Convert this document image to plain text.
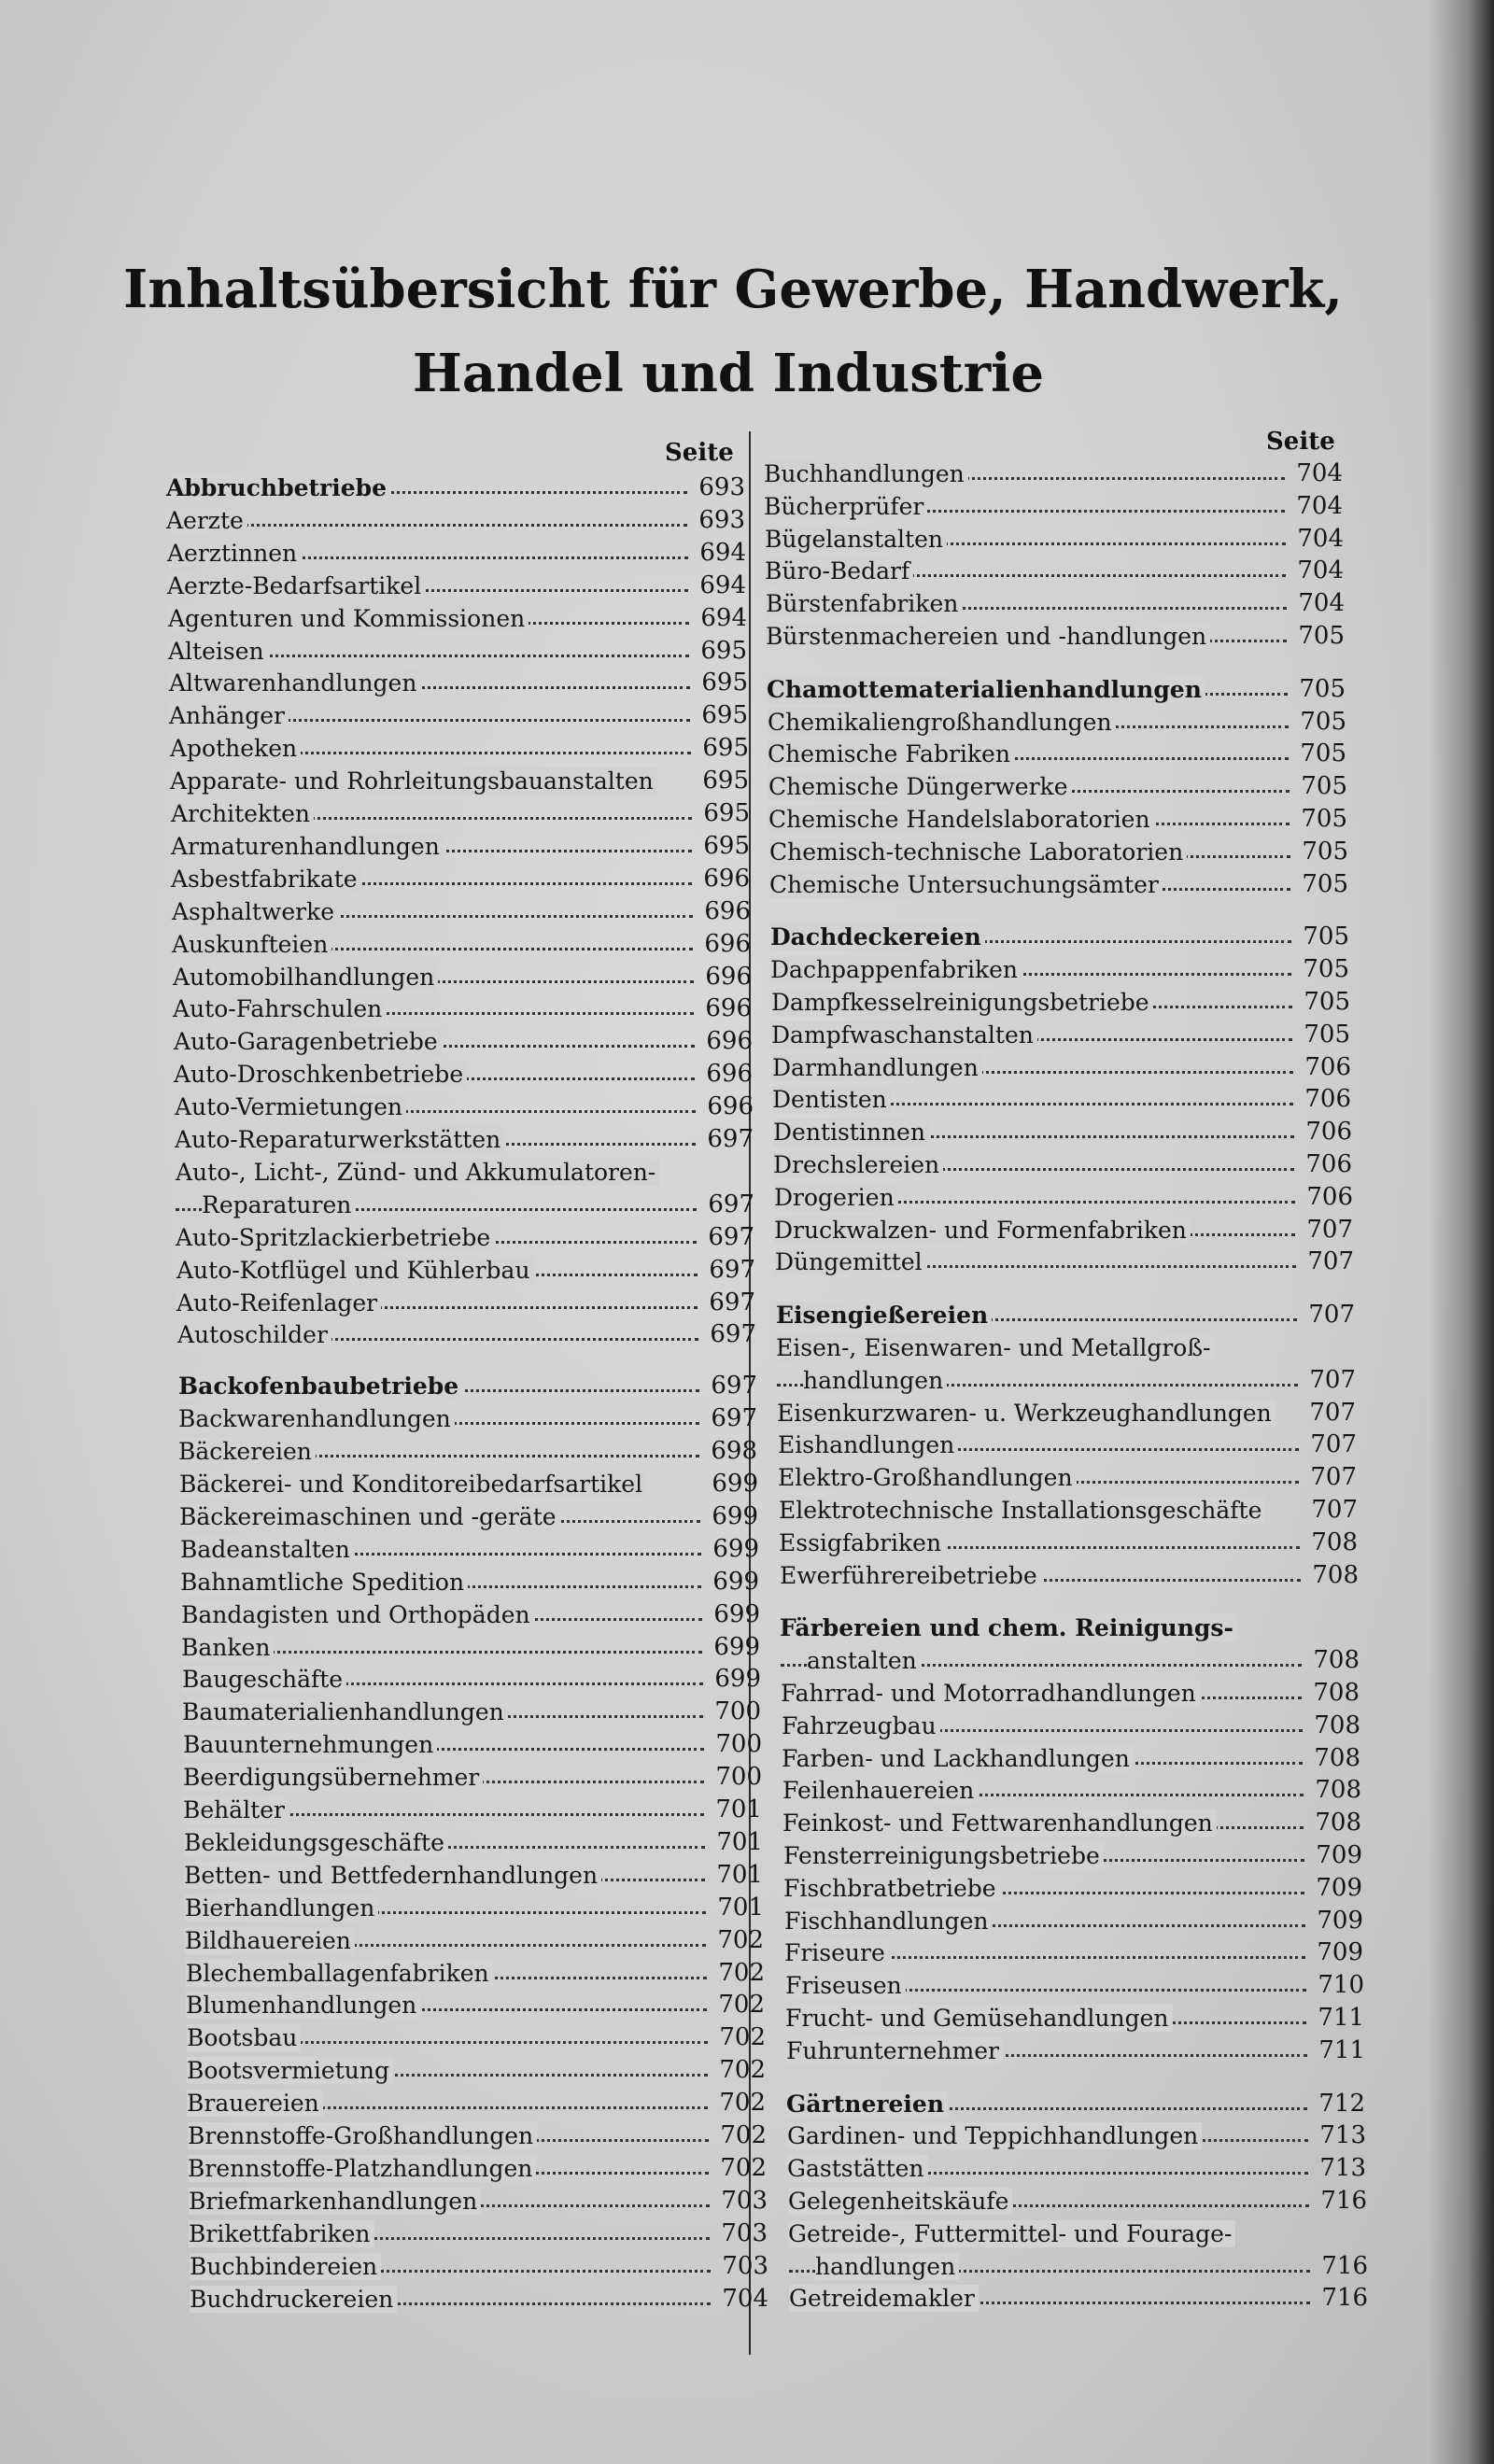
Inhaltsübersicht für Gewerbe, Handwerk,
Handel und Industrie
Seite	Seite
Abbruchbetriebe	693
Aerzte	693
Aerztinnen	694
Aerzte-Bedarfsartikel	694
Agenturen und Kommissionen	694
Alteisen	695
Altwarenhandlungen	695
Anhänger	695
Apotheken	695
Apparate- und Rohrleitungsbauanstalten	695
Architekten	695
Armaturenhandlungen	695
Asbestfabrikate	696
Asphaltwerke	696
Auskunfteien	696
Automobilhandlungen	696
Auto-Fahrschulen	696
Auto-Garagenbetriebe	696
Auto-Droschkenbetriebe	696
Auto-Vermietungen	696
Auto-Reparaturwerkstätten	697
Auto-, Licht-, Zünd- und Akkumulatoren-
Reparaturen	697
Auto-Spritzlackierbetriebe	697
Auto-Kotflügel und Kühlerbau	697
Auto-Reifenlager	697
Autoschilder	697
Backofenbaubetriebe	697
Backwarenhandlungen	697
Bäckereien	698
Bäckerei- und Konditoreibedarfsartikel	699
Bäckereimaschinen und -geräte	699
Badeanstalten	699
Bahnamtliche Spedition	699
Bandagisten und Orthopäden	699
Banken	699
Baugeschäfte	699
Baumaterialienhandlungen	700
Bauunternehmungen	700
Beerdigungsübernehmer	700
Behälter	701
Bekleidungsgeschäfte	701
Betten- und Bettfedernhandlungen	701
Bierhandlungen	701
Bildhauereien	702
Blechemballagenfabriken	702
Blumenhandlungen	702
Bootsbau	702
Bootsvermietung	702
Brauereien	702
Brennstoffe-Großhandlungen	702
Brennstoffe-Platzhandlungen	702
Briefmarkenhandlungen	703
Brikettfabriken	703
Buchbindereien	703
Buchdruckereien	704
Buchhandlungen	704
Bücherprüfer	704
Bügelanstalten	704
Büro-Bedarf	704
Bürstenfabriken	704
Bürstenmachereien und -handlungen	705
Chamottematerialienhandlungen	705
Chemikaliengroßhandlungen	705
Chemische Fabriken	705
Chemische Düngerwerke	705
Chemische Handelslaboratorien	705
Chemisch-technische Laboratorien	705
Chemische Untersuchungsämter	705
Dachdeckereien	705
Dachpappenfabriken	705
Dampfkesselreinigungsbetriebe	705
Dampfwaschanstalten	705
Darmhandlungen	706
Dentisten	706
Dentistinnen	706
Drechslereien	706
Drogerien	706
Druckwalzen- und Formenfabriken	707
Düngemittel	707
Eisengießereien	707
Eisen-, Eisenwaren- und Metallgroß-
handlungen	707
Eisenkurzwaren- u. Werkzeughandlungen	707
Eishandlungen	707
Elektro-Großhandlungen	707
Elektrotechnische Installationsgeschäfte	707
Essigfabriken	708
Ewerführereibetriebe	708
Färbereien und chem. Reinigungs-
anstalten	708
Fahrrad- und Motorradhandlungen	708
Fahrzeugbau	708
Farben- und Lackhandlungen	708
Feilenhauereien	708
Feinkost- und Fettwarenhandlungen	708
Fensterreinigungsbetriebe	709
Fischbratbetriebe	709
Fischhandlungen	709
Friseure	709
Friseusen	710
Frucht- und Gemüsehandlungen	711
Fuhrunternehmer	711
Gärtnereien	712
Gardinen- und Teppichhandlungen	713
Gaststätten	713
Gelegenheitskäufe	716
Getreide-, Futtermittel- und Fourage-
handlungen	716
Getreidemakler	716
